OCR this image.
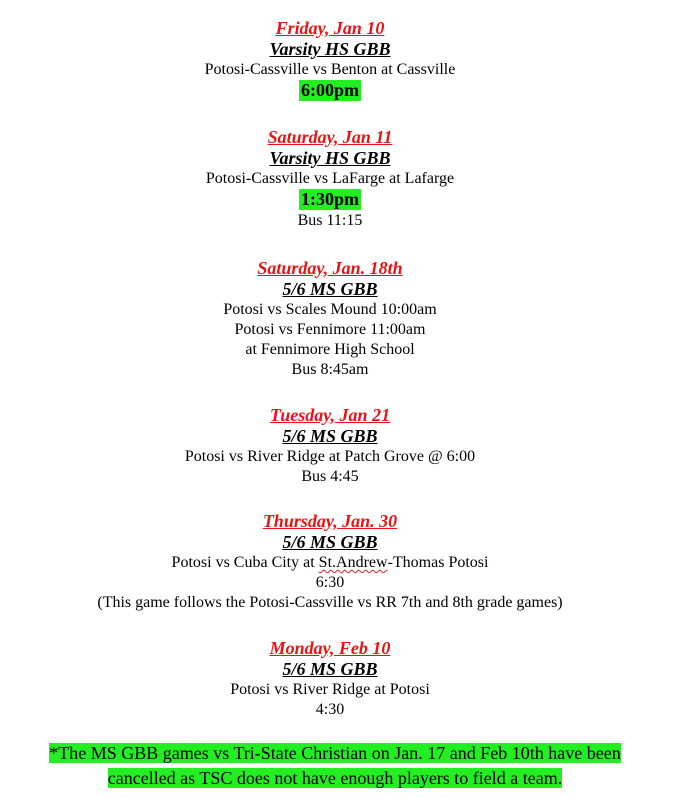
Friday, Jan 10
Varsity HS GBB
Potosi-Cassville vs Benton at Cassville
6:00pm
Saturday, Jan 11
Varsity HS GBB
Potosi-Cassville vs LaFarge at Lafarge
1:30pm
Bus 11:15
Saturday, Jan. 18th
5/6 MS GBB
Potosi vs Scales Mound 10:00am
Potosi vs Fennimore 11:00am
at Fennimore High School
Bus 8:45am
Tuesday, Jan 21
5/6 MS GBB
Potosi vs River Ridge at Patch Grove @ 6:00
Bus 4:45
Thursday, Jan. 30
5/6 MS GBB
Potosi vs Cuba City at St.Andrew-Thomas Potosi
6:30
(This game follows the Potosi-Cassville vs RR 7th and 8th grade games)
Monday, Feb 10
5/6 MS GBB
Potosi vs River Ridge at Potosi
4:30
*The MS GBB games vs Tri-State Christian on Jan. 17 and Feb 10th have been
cancelled as TSC does not have enough players to field a team.
